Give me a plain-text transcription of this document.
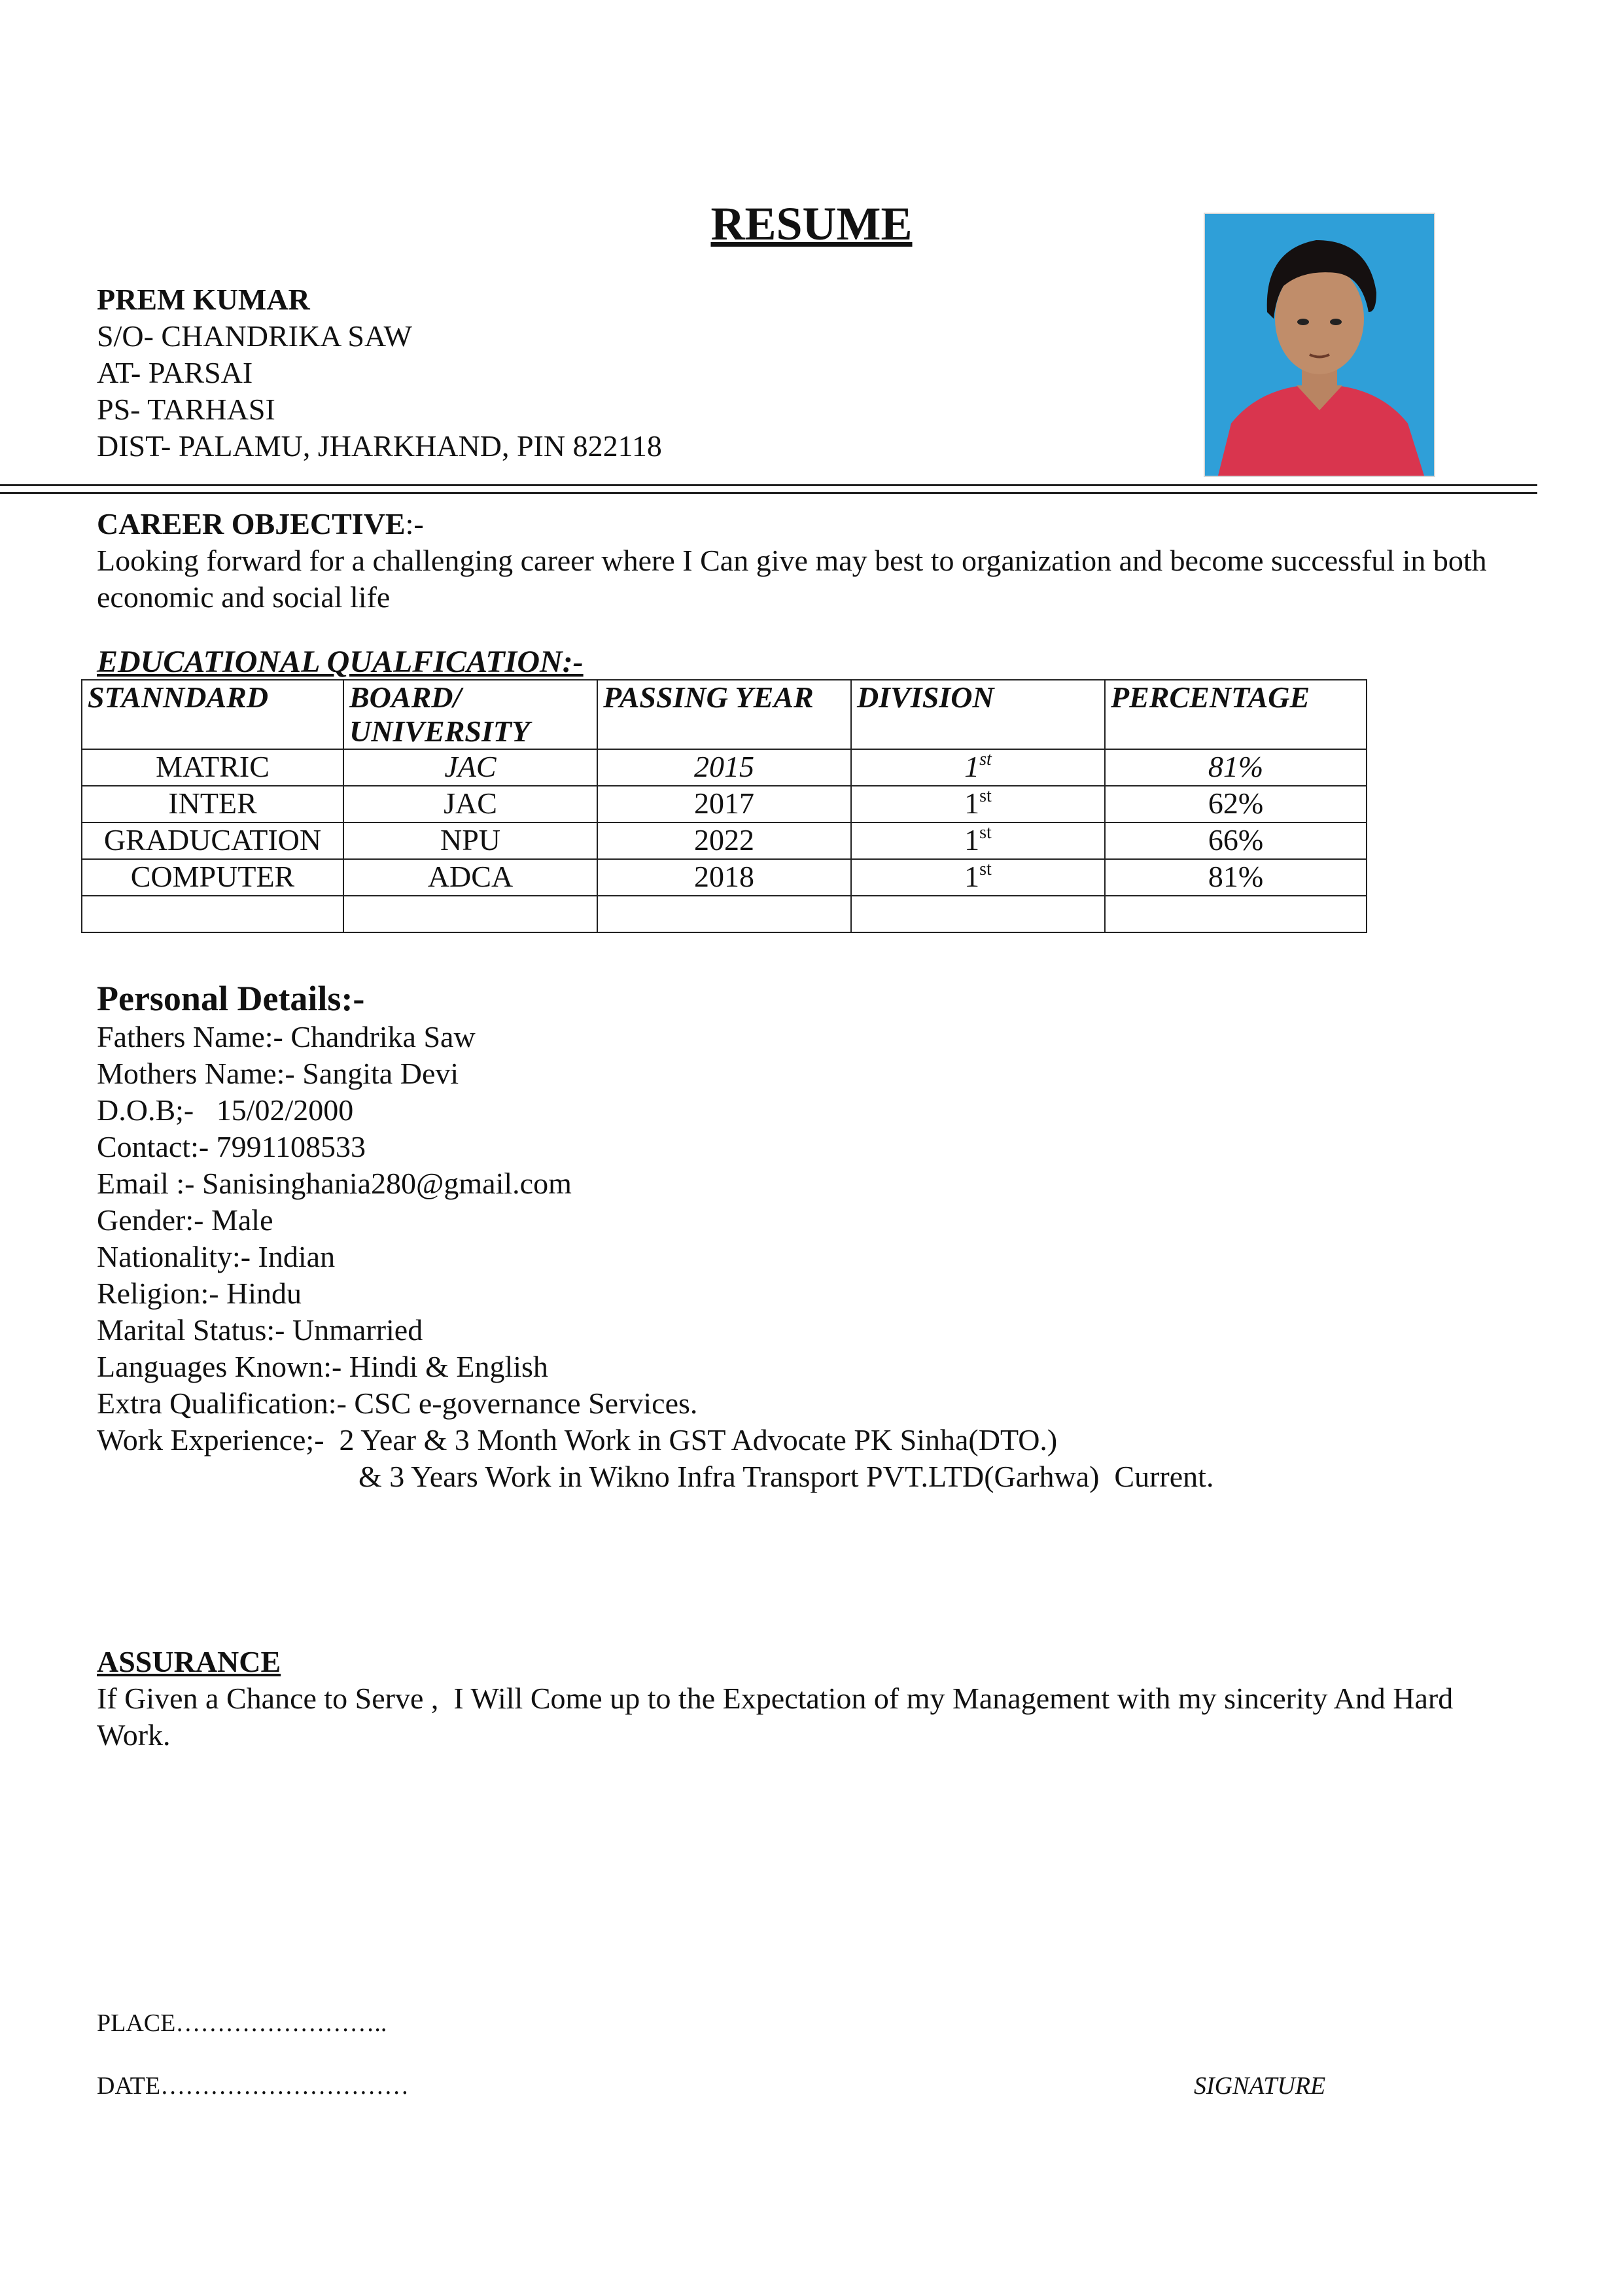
RESUME
PREM KUMAR
S/O- CHANDRIKA SAW
AT- PARSAI
PS- TARHASI
DIST- PALAMU, JHARKHAND, PIN 822118
CAREER OBJECTIVE:-
Looking forward for a challenging career where I Can give may best to organization and become successful in both economic and social life
EDUCATIONAL QUALFICATION:-
STANNDARD	BOARD/ UNIVERSITY	PASSING YEAR	DIVISION	PERCENTAGE
MATRIC	JAC	2015	1st	81%
INTER	JAC	2017	1st	62%
GRADUCATION	NPU	2022	1st	66%
COMPUTER	ADCA	2018	1st	81%

Personal Details:-
Fathers Name:- Chandrika Saw
Mothers Name:- Sangita Devi
D.O.B;-   15/02/2000
Contact:- 7991108533
Email :- Sanisinghania280@gmail.com
Gender:- Male
Nationality:- Indian
Religion:- Hindu
Marital Status:- Unmarried
Languages Known:- Hindi & English
Extra Qualification:- CSC e-governance Services.
Work Experience;-  2 Year & 3 Month Work in GST Advocate PK Sinha(DTO.)
& 3 Years Work in Wikno Infra Transport PVT.LTD(Garhwa)  Current.
ASSURANCE
If Given a Chance to Serve ,  I Will Come up to the Expectation of my Management with my sincerity And Hard Work.
PLACE……………………..
DATE…………………………	SIGNATURE
